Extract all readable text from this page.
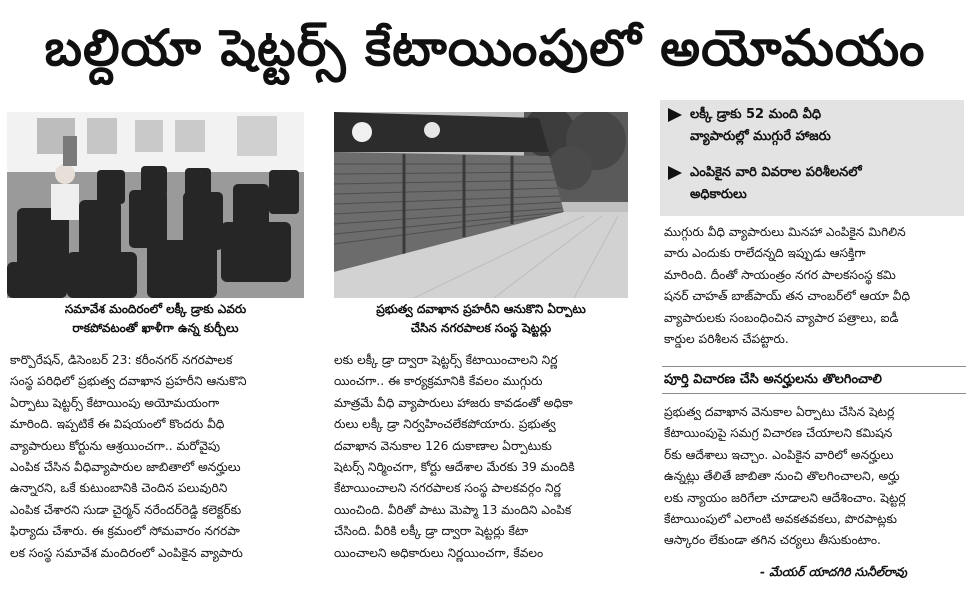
బల్దియా షెట్టర్స్ కేటాయింపులో అయోమయం
సమావేశ మందిరంలో లక్కీ డ్రాకు ఎవరు
రాకపోవటంతో ఖాళీగా ఉన్న కుర్చీలు
ప్రభుత్వ దవాఖాన ప్రహరీని ఆనుకొని ఏర్పాటు
చేసిన నగరపాలక సంస్థ షెట్టర్లు
లక్కీ డ్రాకు 52 మంది వీధి
వ్యాపారుల్లో ముగ్గురే హాజరు
ఎంపికైన వారి వివరాల పరిశీలనలో
అధికారులు
ముగ్గురు వీధి వ్యాపారులు మినహా ఎంపికైన మిగిలిన
వారు ఎందుకు రాలేదన్నది ఇప్పుడు ఆసక్తిగా
మారింది. దీంతో సాయంత్రం నగర పాలకసంస్థ కమి
షనర్ చాహత్ బాజ్‌పాయ్ తన చాంబర్‌లో ఆయా వీధి
వ్యాపారులకు సంబంధించిన వ్యాపార పత్రాలు, ఐడీ
కార్డుల పరిశీలన చేపట్టారు.
పూర్తి విచారణ చేసి అనర్హులను తొలగించాలి
ప్రభుత్వ దవాఖాన వెనుకాల ఏర్పాటు చేసిన షెటర్ల
కేటాయింపుపై సమగ్ర విచారణ చేయాలని కమిషన
ర్‌కు ఆదేశాలు ఇచ్చాం. ఎంపికైన వారిలో అనర్హులు
ఉన్నట్లు తేలితే జాబితా నుంచి తొలగించాలని, అర్హు
లకు న్యాయం జరిగేలా చూడాలని ఆదేశించాం. షెట్టర్ల
కేటాయింపులో ఎలాంటి అవకతవకలు, పొరపాట్లకు
ఆస్కారం లేకుండా తగిన చర్యలు తీసుకుంటాం.
- మేయర్ యాదగిరి సునీల్‌రావు
కార్పొరేషన్, డిసెంబర్ 23: కరీంనగర్ నగరపాలక
సంస్థ పరిధిలో ప్రభుత్వ దవాఖాన ప్రహరీని ఆనుకొని
ఏర్పాటు షెట్టర్స్ కేటాయింపు అయోమయంగా
మారింది. ఇప్పటికే ఈ విషయంలో కొందరు వీధి
వ్యాపారులు కోర్టును ఆశ్రయించగా.. మరోవైపు
ఎంపిక చేసిన వీధివ్యాపారుల జాబితాలో అనర్హులు
ఉన్నారని, ఒకే కుటుంబానికి చెందిన పలువురిని
ఎంపిక చేశారని సుడా చైర్మన్ నరేందర్‌రెడ్డి కలెక్టర్‌కు
ఫిర్యాదు చేశారు. ఈ క్రమంలో సోమవారం నగరపా
లక సంస్థ సమావేశ మందిరంలో ఎంపికైన వ్యాపారు
లకు లక్కీ డ్రా ద్వారా షెట్టర్స్ కేటాయించాలని నిర్ణ
యించగా.. ఈ కార్యక్రమానికి కేవలం ముగ్గురు
మాత్రమే వీధి వ్యాపారులు హాజరు కావడంతో అధికా
రులు లక్కీ డ్రా నిర్వహించలేకపోయారు. ప్రభుత్వ
దవాఖాన వెనుకాల 126 దుకాణాల ఏర్పాటుకు
షెటర్స్ నిర్మించగా, కోర్టు ఆదేశాల మేరకు 39 మందికి
కేటాయించాలని నగరపాలక సంస్థ పాలకవర్గం నిర్ణ
యించింది. వీరితో పాటు మెప్మా 13 మందిని ఎంపిక
చేసింది. వీరికి లక్కీ డ్రా ద్వారా షెట్టర్లు కేటా
యించాలని అధికారులు నిర్ణయించగా, కేవలం
